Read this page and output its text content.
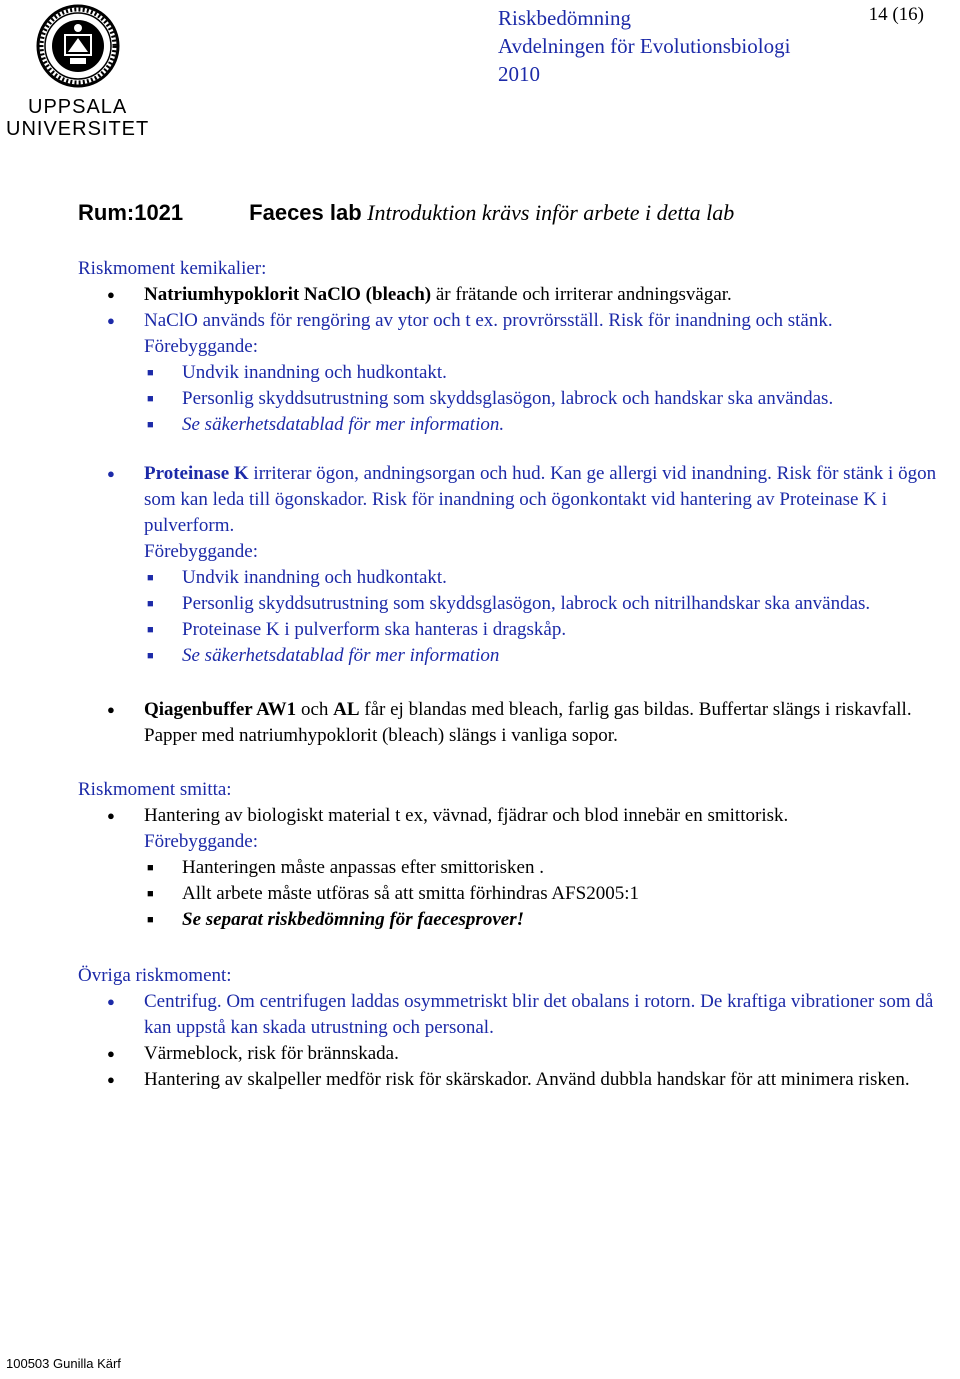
UPPSALA
UNIVERSITET
Riskbedömning
Avdelningen för Evolutionsbiologi
2010
14 (16)
Rum:1021	Faeces lab Introduktion krävs inför arbete i detta lab
Riskmoment kemikalier:
● Natriumhypoklorit NaClO (bleach) är frätande och irriterar andningsvägar.
● NaClO används för rengöring av ytor och t ex. provrörsställ. Risk för inandning och stänk.
Förebyggande:
■ Undvik inandning och hudkontakt.
■ Personlig skyddsutrustning som skyddsglasögon, labrock och handskar ska användas.
■ Se säkerhetsdatablad för mer information.
● Proteinase K irriterar ögon, andningsorgan och hud. Kan ge allergi vid inandning. Risk för stänk i ögon som kan leda till ögonskador. Risk för inandning och ögonkontakt vid hantering av Proteinase K i pulverform.
Förebyggande:
■ Undvik inandning och hudkontakt.
■ Personlig skyddsutrustning som skyddsglasögon, labrock och nitrilhandskar ska användas.
■ Proteinase K i pulverform ska hanteras i dragskåp.
■ Se säkerhetsdatablad för mer information
● Qiagenbuffer AW1 och AL får ej blandas med bleach, farlig gas bildas. Buffertar slängs i riskavfall. Papper med natriumhypoklorit (bleach) slängs i vanliga sopor.
Riskmoment smitta:
● Hantering av biologiskt material t ex, vävnad, fjädrar och blod innebär en smittorisk.
Förebyggande:
■ Hanteringen måste anpassas efter smittorisken .
■ Allt arbete måste utföras så att smitta förhindras AFS2005:1
■ Se separat riskbedömning för faecesprover!
Övriga riskmoment:
● Centrifug. Om centrifugen laddas osymmetriskt blir det obalans i rotorn. De kraftiga vibrationer som då kan uppstå kan skada utrustning och personal.
● Värmeblock, risk för brännskada.
● Hantering av skalpeller medför risk för skärskador. Använd dubbla handskar för att minimera risken.
100503 Gunilla Kärf
